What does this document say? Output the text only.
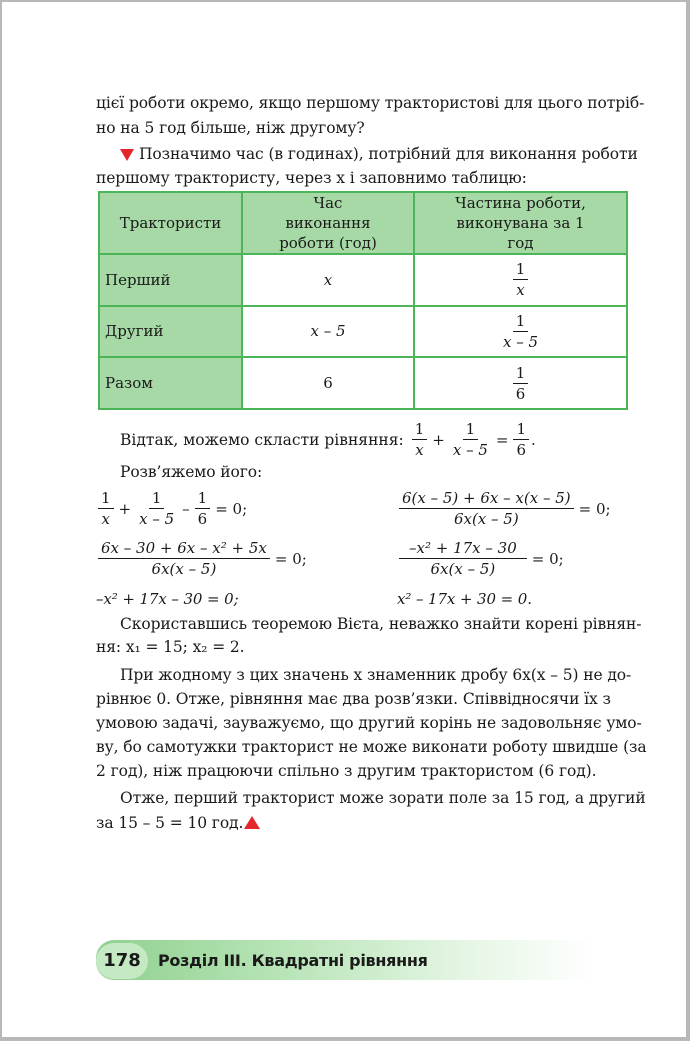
цієї роботи окремо, якщо першому трактористові для цього потріб-
но на 5 год більше, ніж другому?
Позначимо час (в годинах), потрібний для виконання роботи
першому трактористу, через x і заповнимо таблицю:
Трактористи	Час виконання роботи (год)	Частина роботи, виконувана за 1 год
Перший	x	$\frac{1}{x}$

Другий	x – 5	$\frac{1}{x - 5}$

Разом	6	$\frac{1}{6}$
Відтак, можемо скласти рівняння: $\frac{1}{x} + \frac{1}{x - 5} = \frac{1}{6}$ .
Розв’яжемо його:
$\frac{1}{x} + \frac{1}{x - 5} - \frac{1}{6} = 0$;	$\frac{6(x - 5) + 6x - x(x - 5)}{6x(x - 5)} = 0$;
$\frac{\text{6x – 30 + 6x – x² + 5x}}{6x(x - 5)} = 0$;	$\frac{\text{–x² + 17x – 30}}{6x(x - 5)} = 0$;
–x² + 17x – 30 = 0;	x² – 17x + 30 = 0.
Скориставшись теоремою Вієта, неважко знайти корені рівнян-
ня: x₁ = 15; x₂ = 2.
При жодному з цих значень x знаменник дробу 6x(x – 5) не до-
рівнює 0. Отже, рівняння має два розв’язки. Співвідносячи їх з
умовою задачі, зауважуємо, що другий корінь не задовольняє умо-
ву, бо самотужки тракторист не може виконати роботу швидше (за
2 год), ніж працюючи спільно з другим трактористом (6 год).
Отже, перший тракторист може зорати поле за 15 год, а другий
за 15 – 5 = 10 год.
178	Розділ ІІІ. Квадратні рівняння
